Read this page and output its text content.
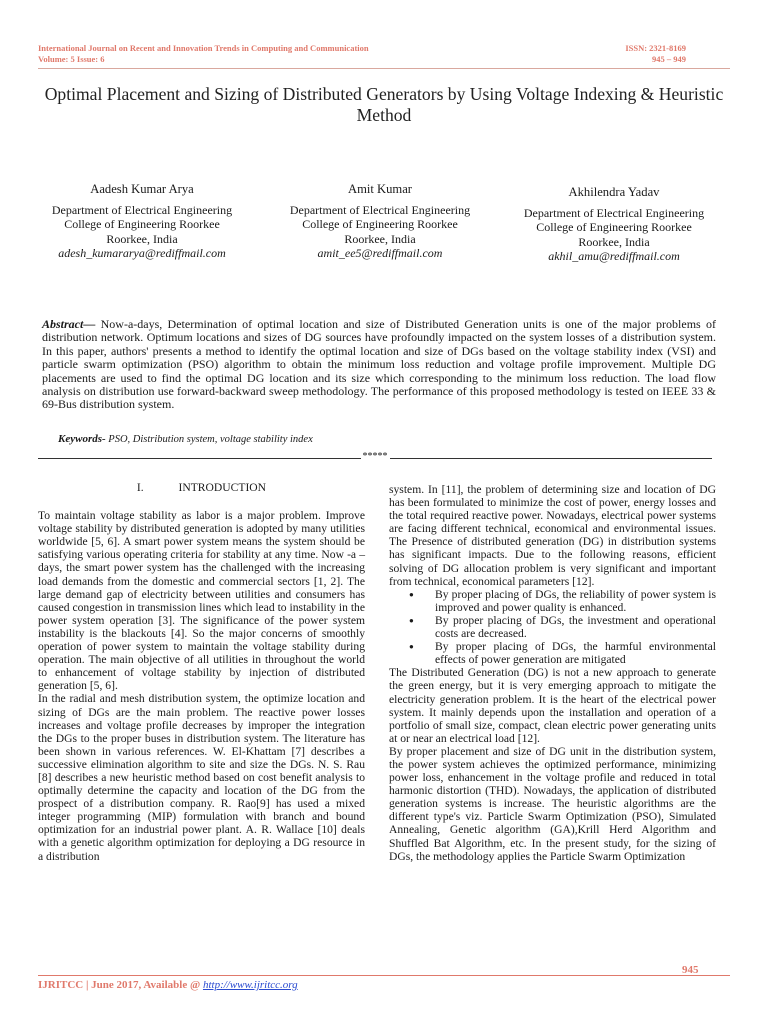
International Journal on Recent and Innovation Trends in Computing and Communication
Volume: 5 Issue: 6
ISSN: 2321-8169
945 – 949
Optimal Placement and Sizing of Distributed Generators by Using Voltage Indexing & Heuristic Method
Aadesh Kumar Arya
Department of Electrical Engineering
College of Engineering Roorkee
Roorkee, India
adesh_kumararya@rediffmail.com
Amit Kumar
Department of Electrical Engineering
College of Engineering Roorkee
Roorkee, India
amit_ee5@rediffmail.com
Akhilendra Yadav
Department of Electrical Engineering
College of Engineering Roorkee
Roorkee, India
akhil_amu@rediffmail.com
Abstract— Now-a-days, Determination of optimal location and size of Distributed Generation units is one of the major problems of distribution network. Optimum locations and sizes of DG sources have profoundly impacted on the system losses of a distribution system. In this paper, authors' presents a method to identify the optimal location and size of DGs based on the voltage stability index (VSI) and particle swarm optimization (PSO) algorithm to obtain the minimum loss reduction and voltage profile improvement. Multiple DG placements are used to find the optimal DG location and its size which corresponding to the minimum loss reduction. The load flow analysis on distribution use forward-backward sweep methodology. The performance of this proposed methodology is tested on IEEE 33 & 69-Bus distribution system.
Keywords- PSO, Distribution system, voltage stability index
*****

I.	INTRODUCTION

To maintain voltage stability as labor is a major problem. Improve voltage stability by distributed generation is adopted by many utilities worldwide [5, 6]. A smart power system means the system should be satisfying various operating criteria for stability at any time. Now -a –days, the smart power system has the challenged with the increasing load demands from the domestic and commercial sectors [1, 2]. The large demand gap of electricity between utilities and consumers has caused congestion in transmission lines which lead to instability in the power system operation [3]. The significance of the power system instability is the blackouts [4]. So the major concerns of smoothly operation of power system to maintain the voltage stability during operation. The main objective of all utilities in throughout the world to enhancement of voltage stability by injection of distributed generation [5, 6].

In the radial and mesh distribution system, the optimize location and sizing of DGs are the main problem. The reactive power losses increases and voltage profile decreases by improper the integration the DGs to the proper buses in distribution system. The literature has been shown in various references. W. El-Khattam [7] describes a successive elimination algorithm to site and size the DGs. N. S. Rau [8] describes a new heuristic method based on cost benefit analysis to optimally determine the capacity and location of the DG from the prospect of a distribution company. R. Rao[9] has used a mixed integer programming (MIP) formulation with branch and bound optimization for an industrial power plant. A. R. Wallace [10] deals with a genetic algorithm optimization for deploying a DG resource in a distribution

system. In [11], the problem of determining size and location of DG has been formulated to minimize the cost of power, energy losses and the total required reactive power. Nowadays, electrical power systems are facing different technical, economical and environmental issues. The Presence of distributed generation (DG) in distribution systems has significant impacts. Due to the following reasons, efficient solving of DG allocation problem is very significant and important from technical, economical parameters [12].

● By proper placing of DGs, the reliability of power system is improved and power quality is enhanced.
● By proper placing of DGs, the investment and operational costs are decreased.
● By proper placing of DGs, the harmful environmental effects of power generation are mitigated

The Distributed Generation (DG) is not a new approach to generate the green energy, but it is very emerging approach to mitigate the electricity generation problem. It is the heart of the electrical power system. It mainly depends upon the installation and operation of a portfolio of small size, compact, clean electric power generating units at or near an electrical load [12].

By proper placement and size of DG unit in the distribution system, the power system achieves the optimized performance, minimizing power loss, enhancement in the voltage profile and reduced in total harmonic distortion (THD). Nowadays, the application of distributed generation systems is increase. The heuristic algorithms are the different type's viz. Particle Swarm Optimization (PSO), Simulated Annealing, Genetic algorithm (GA),Krill Herd Algorithm and Shuffled Bat Algorithm, etc. In the present study, for the sizing of DGs, the methodology applies the Particle Swarm Optimization

945
IJRITCC | June 2017, Available @ http://www.ijritcc.org
